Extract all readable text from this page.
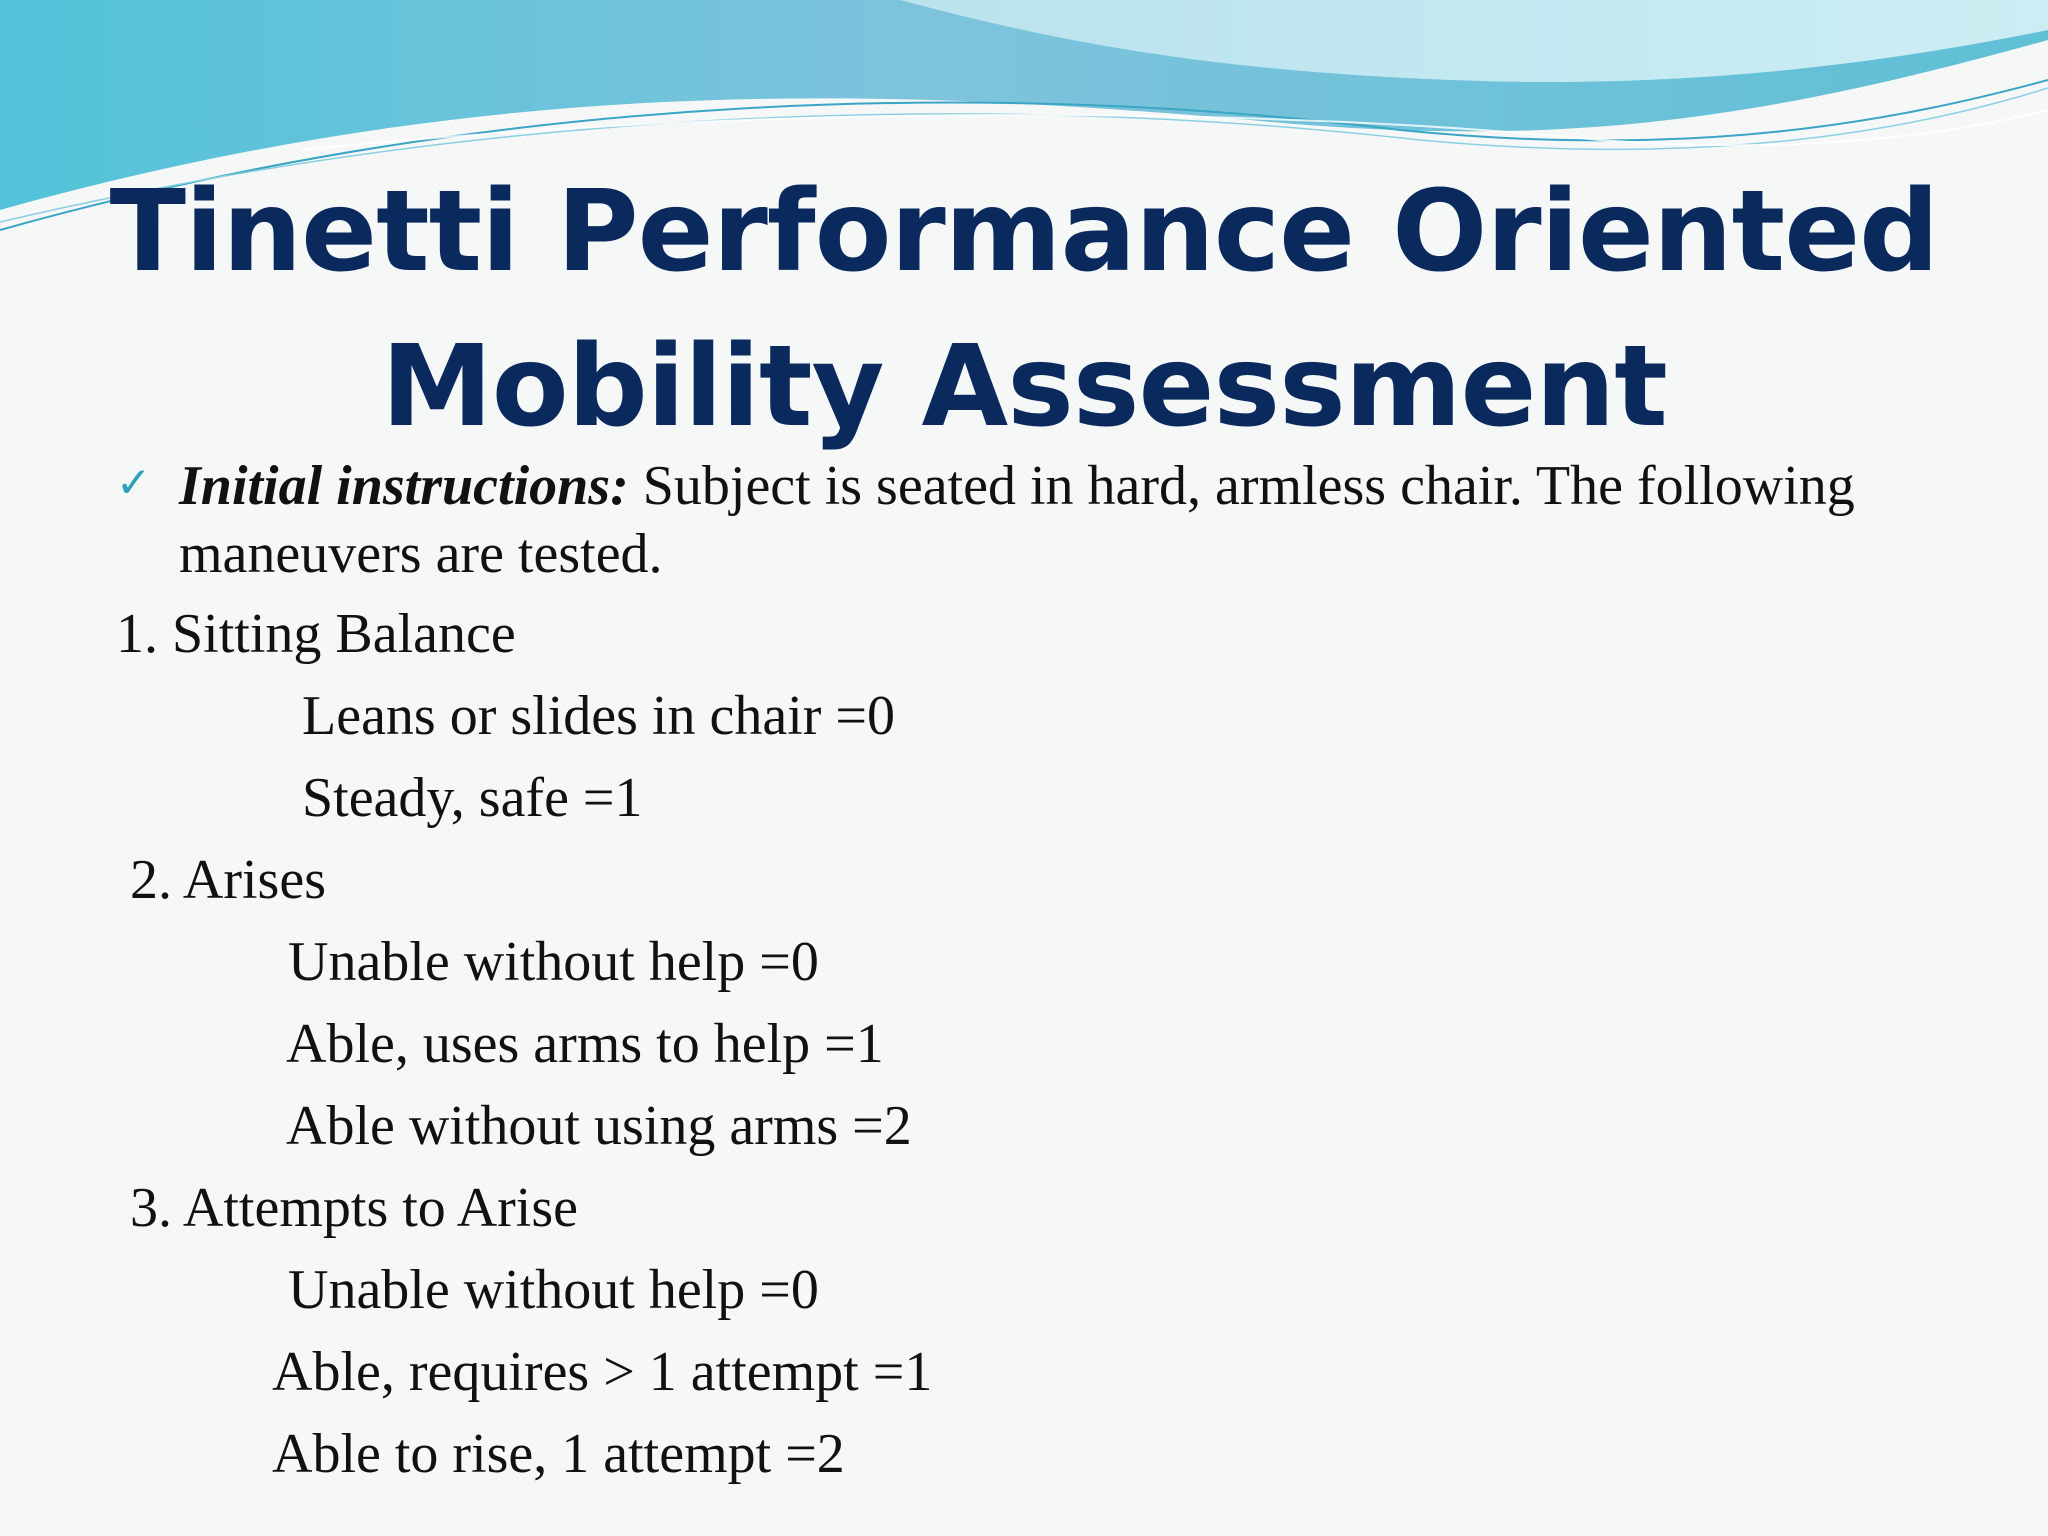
Tinetti Performance Oriented
Mobility Assessment
✓ Initial instructions: Subject is seated in hard, armless chair. The following maneuvers are tested.
1. Sitting Balance
Leans or slides in chair =0
Steady, safe =1
2. Arises
Unable without help =0
Able, uses arms to help =1
Able without using arms =2
3. Attempts to Arise
Unable without help =0
Able, requires > 1 attempt =1
Able to rise, 1 attempt =2
